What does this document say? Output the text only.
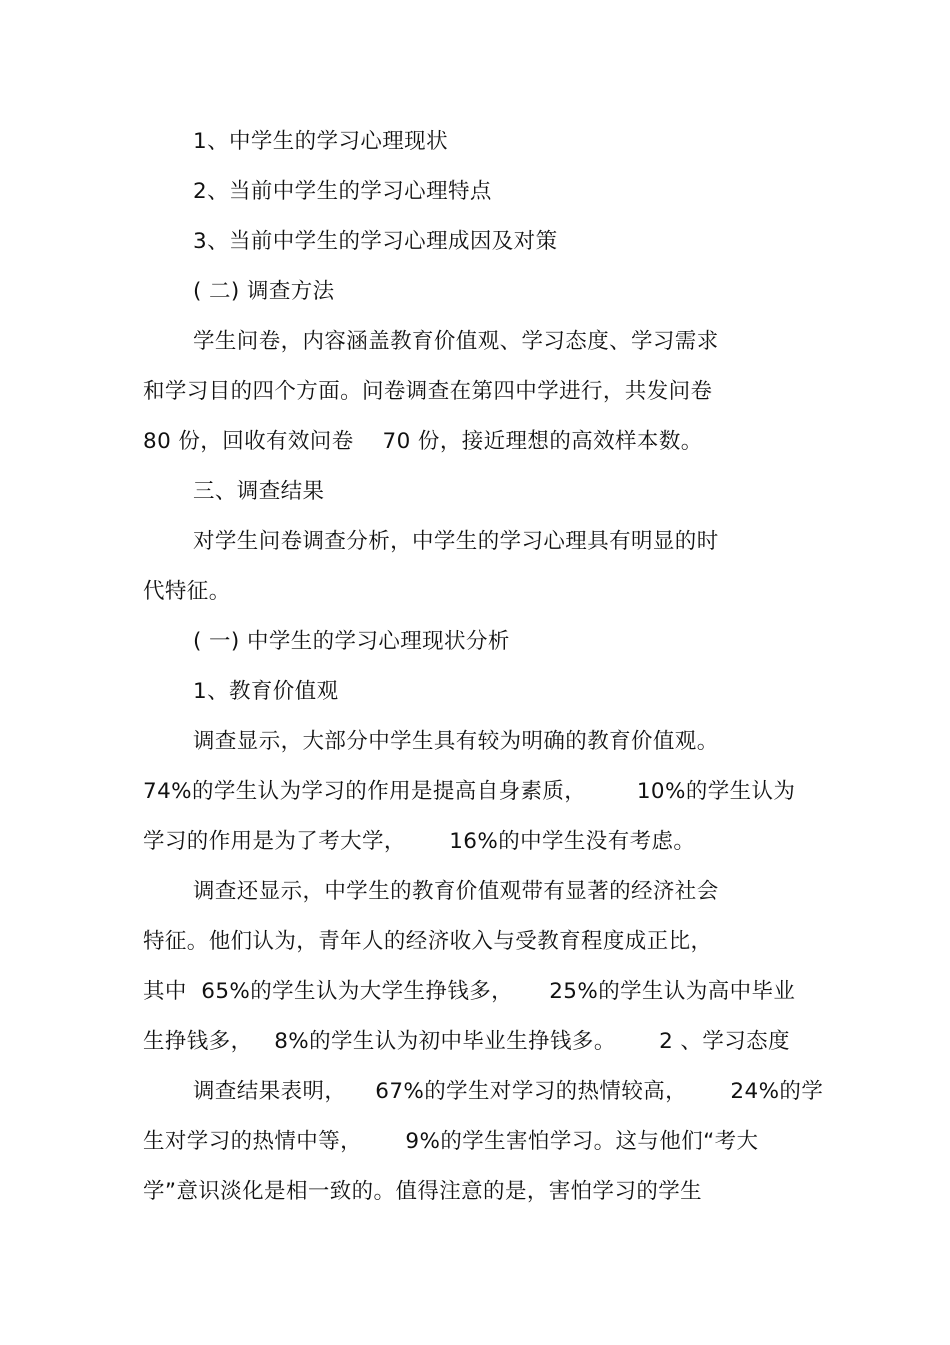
1、中学生的学习心理现状
2、当前中学生的学习心理特点
3、当前中学生的学习心理成因及对策
( 二) 调查方法
学生问卷，内容涵盖教育价值观、学习态度、学习需求
和学习目的四个方面。问卷调查在第四中学进行，共发问卷
80 份，回收有效问卷    70 份，接近理想的高效样本数。
三、调查结果
对学生问卷调查分析，中学生的学习心理具有明显的时
代特征。
( 一) 中学生的学习心理现状分析
1、教育价值观
调查显示，大部分中学生具有较为明确的教育价值观。
74%的学生认为学习的作用是提高自身素质，       10%的学生认为
学习的作用是为了考大学，      16%的中学生没有考虑。
调查还显示，中学生的教育价值观带有显著的经济社会
特征。他们认为，青年人的经济收入与受教育程度成正比，
其中  65%的学生认为大学生挣钱多，     25%的学生认为高中毕业
生挣钱多，   8%的学生认为初中毕业生挣钱多。      2 、学习态度
调查结果表明，    67%的学生对学习的热情较高，      24%的学
生对学习的热情中等，      9%的学生害怕学习。这与他们“考大
学”意识淡化是相一致的。值得注意的是，害怕学习的学生
